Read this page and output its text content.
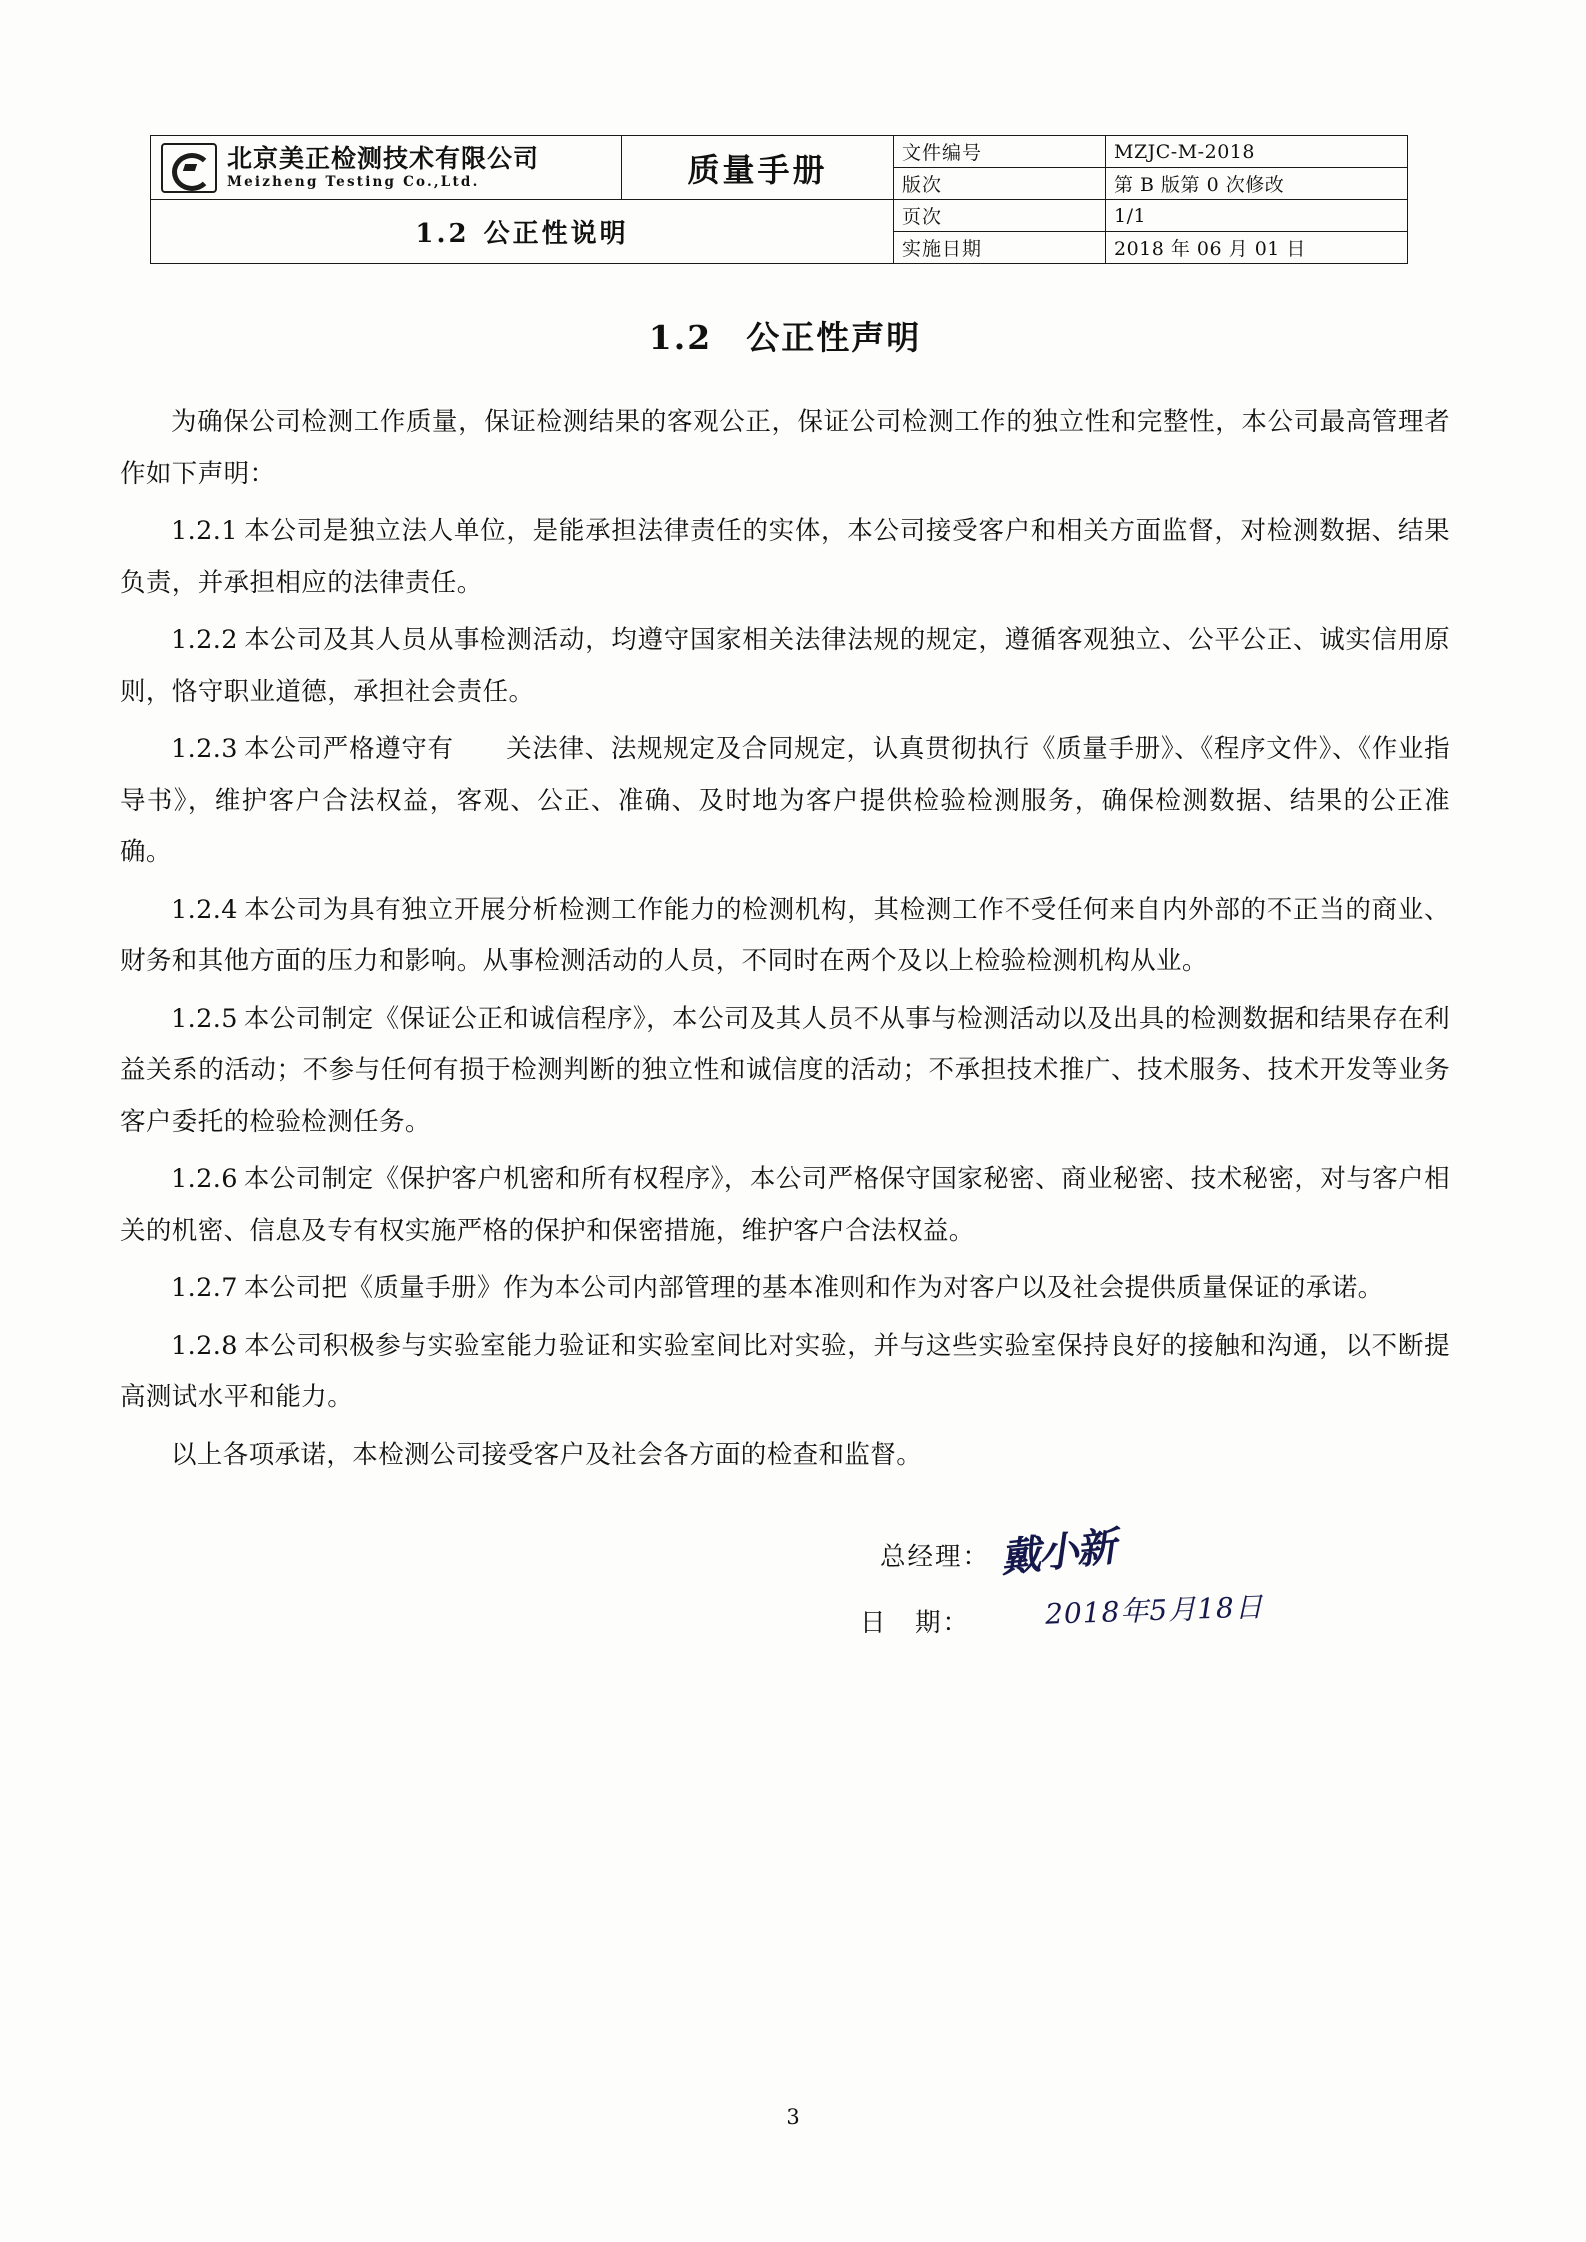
北京美正检测技术有限公司
Meizheng Testing Co.,Ltd.	质量手册	文件编号	MZJC-M-2018
		版次	第 B 版第 0 次修改
1.2 公正性说明		页次	1/1
		实施日期	2018 年 06 月 01 日
1.2 公正性声明

为确保公司检测工作质量，保证检测结果的客观公正，保证公司检测工作的独立性和完整性，本公司最高管理者作如下声明：

1.2.1 本公司是独立法人单位，是能承担法律责任的实体，本公司接受客户和相关方面监督，对检测数据、结果负责，并承担相应的法律责任。

1.2.2 本公司及其人员从事检测活动，均遵守国家相关法律法规的规定，遵循客观独立、公平公正、诚实信用原则，恪守职业道德，承担社会责任。

1.2.3 本公司严格遵守有　　关法律、法规规定及合同规定，认真贯彻执行《质量手册》、《程序文件》、《作业指导书》，维护客户合法权益，客观、公正、准确、及时地为客户提供检验检测服务，确保检测数据、结果的公正准确。

1.2.4 本公司为具有独立开展分析检测工作能力的检测机构，其检测工作不受任何来自内外部的不正当的商业、财务和其他方面的压力和影响。从事检测活动的人员，不同时在两个及以上检验检测机构从业。

1.2.5 本公司制定《保证公正和诚信程序》，本公司及其人员不从事与检测活动以及出具的检测数据和结果存在利益关系的活动；不参与任何有损于检测判断的独立性和诚信度的活动；不承担技术推广、技术服务、技术开发等业务客户委托的检验检测任务。

1.2.6 本公司制定《保护客户机密和所有权程序》，本公司严格保守国家秘密、商业秘密、技术秘密，对与客户相关的机密、信息及专有权实施严格的保护和保密措施，维护客户合法权益。

1.2.7 本公司把《质量手册》作为本公司内部管理的基本准则和作为对客户以及社会提供质量保证的承诺。

1.2.8 本公司积极参与实验室能力验证和实验室间比对实验，并与这些实验室保持良好的接触和沟通，以不断提高测试水平和能力。

以上各项承诺，本检测公司接受客户及社会各方面的检查和监督。

总经理： 戴小新
日　期：	2018年5月18日
3
